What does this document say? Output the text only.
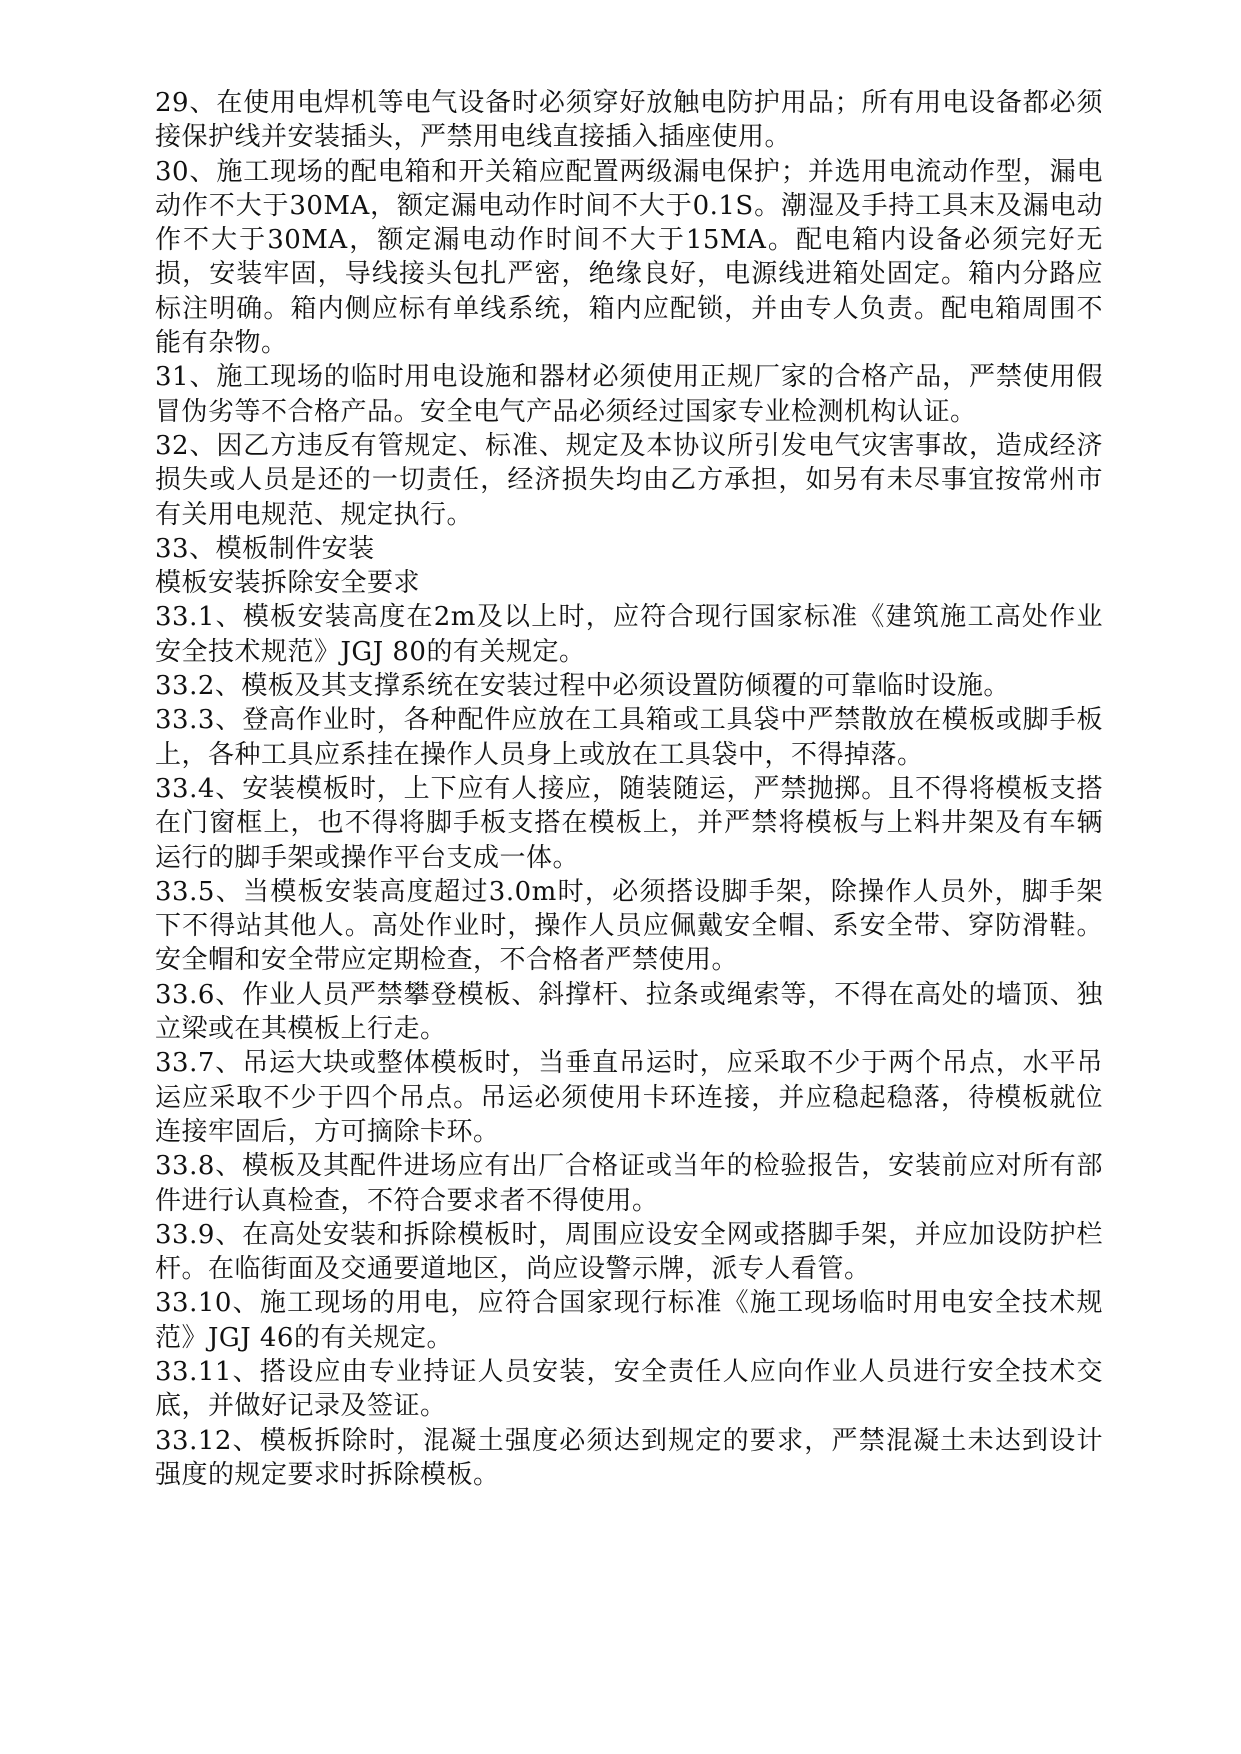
29、在使用电焊机等电气设备时必须穿好放触电防护用品；所有用电设备都必须接保护线并安装插头，严禁用电线直接插入插座使用。

30、施工现场的配电箱和开关箱应配置两级漏电保护；并选用电流动作型，漏电动作不大于30MA，额定漏电动作时间不大于0.1S。潮湿及手持工具末及漏电动作不大于30MA，额定漏电动作时间不大于15MA。配电箱内设备必须完好无损，安装牢固，导线接头包扎严密，绝缘良好，电源线进箱处固定。箱内分路应标注明确。箱内侧应标有单线系统，箱内应配锁，并由专人负责。配电箱周围不能有杂物。

31、施工现场的临时用电设施和器材必须使用正规厂家的合格产品，严禁使用假冒伪劣等不合格产品。安全电气产品必须经过国家专业检测机构认证。

32、因乙方违反有管规定、标准、规定及本协议所引发电气灾害事故，造成经济损失或人员是还的一切责任，经济损失均由乙方承担，如另有未尽事宜按常州市有关用电规范、规定执行。

33、模板制件安装

模板安装拆除安全要求

33.1、模板安装高度在2m及以上时，应符合现行国家标准《建筑施工高处作业安全技术规范》JGJ 80的有关规定。

33.2、模板及其支撑系统在安装过程中必须设置防倾覆的可靠临时设施。

33.3、登高作业时，各种配件应放在工具箱或工具袋中严禁散放在模板或脚手板上，各种工具应系挂在操作人员身上或放在工具袋中，不得掉落。

33.4、安装模板时，上下应有人接应，随装随运，严禁抛掷。且不得将模板支搭在门窗框上，也不得将脚手板支搭在模板上，并严禁将模板与上料井架及有车辆运行的脚手架或操作平台支成一体。

33.5、当模板安装高度超过3.0m时，必须搭设脚手架，除操作人员外，脚手架下不得站其他人。高处作业时，操作人员应佩戴安全帽、系安全带、穿防滑鞋。安全帽和安全带应定期检查，不合格者严禁使用。

33.6、作业人员严禁攀登模板、斜撑杆、拉条或绳索等，不得在高处的墙顶、独立梁或在其模板上行走。

33.7、吊运大块或整体模板时，当垂直吊运时，应采取不少于两个吊点，水平吊运应采取不少于四个吊点。吊运必须使用卡环连接，并应稳起稳落，待模板就位连接牢固后，方可摘除卡环。

33.8、模板及其配件进场应有出厂合格证或当年的检验报告，安装前应对所有部件进行认真检查，不符合要求者不得使用。

33.9、在高处安装和拆除模板时，周围应设安全网或搭脚手架，并应加设防护栏杆。在临街面及交通要道地区，尚应设警示牌，派专人看管。

33.10、施工现场的用电，应符合国家现行标准《施工现场临时用电安全技术规范》JGJ 46的有关规定。

33.11、搭设应由专业持证人员安装，安全责任人应向作业人员进行安全技术交底，并做好记录及签证。

33.12、模板拆除时，混凝土强度必须达到规定的要求，严禁混凝土未达到设计强度的规定要求时拆除模板。
